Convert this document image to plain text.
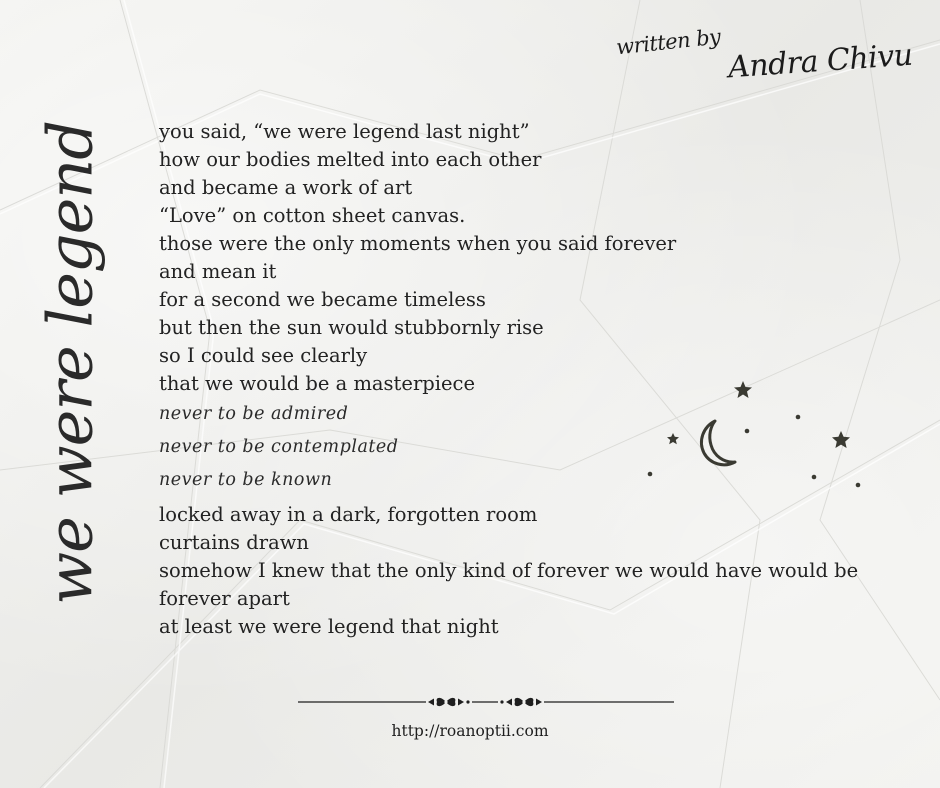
written by Andra Chivu
we were legend	you said, “we were legend last night”
how our bodies melted into each other
and became a work of art
“Love” on cotton sheet canvas.
those were the only moments when you said forever
and mean it
for a second we became timeless
but then the sun would stubbornly rise
so I could see clearly
that we would be a masterpiece
never to be admired
never to be contemplated
never to be known
locked away in a dark, forgotten room
curtains drawn
somehow I knew that the only kind of forever we would have would be
forever apart
at least we were legend that night
http://roanoptii.com
